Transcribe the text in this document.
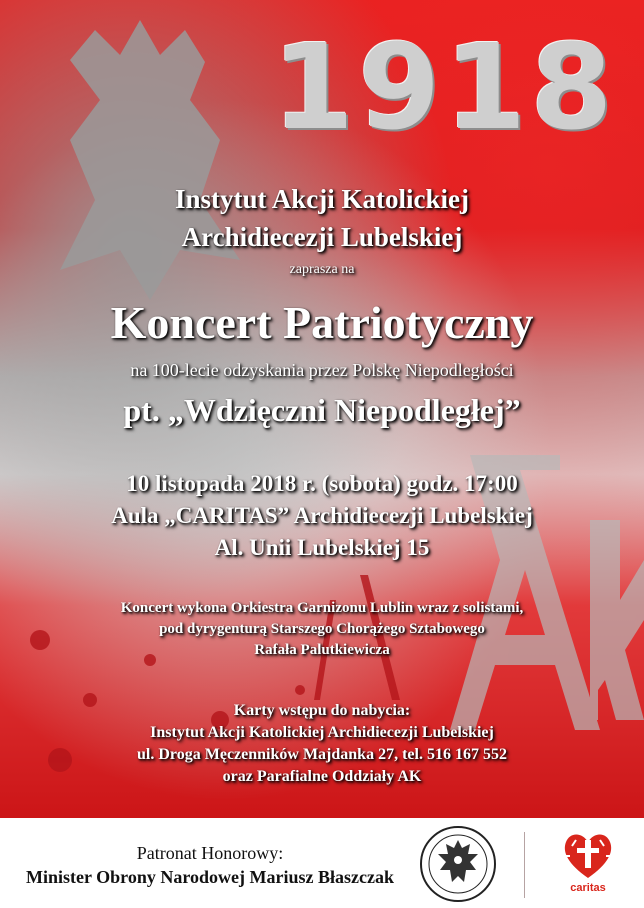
1918

Instytut Akcji Katolickiej
Archidiecezji Lubelskiej

zaprasza na

Koncert Patriotyczny

na 100-lecie odzyskania przez Polskę Niepodległości

pt. „Wdzięczni Niepodległej”

10 listopada 2018 r. (sobota) godz. 17:00
Aula „CARITAS” Archidiecezji Lubelskiej
Al. Unii Lubelskiej 15

Koncert wykona Orkiestra Garnizonu Lublin wraz z solistami,
pod dyrygenturą Starszego Chorążego Sztabowego
Rafała Palutkiewicza

Karty wstępu do nabycia:
Instytut Akcji Katolickiej Archidiecezji Lubelskiej
ul. Droga Męczenników Majdanka 27, tel. 516 167 552
oraz Parafialne Oddziały AK

Patronat Honorowy:
Minister Obrony Narodowej Mariusz Błaszczak
caritas
